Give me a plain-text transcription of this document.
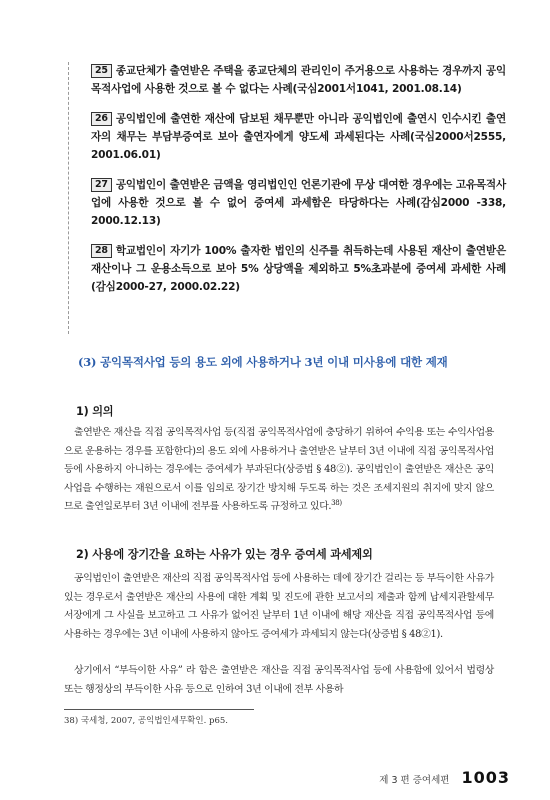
25 종교단체가 출연받은 주택을 종교단체의 관리인이 주거용으로 사용하는 경우까지 공익목적사업에 사용한 것으로 볼 수 없다는 사례(국심2001서1041, 2001.08.14)
26 공익법인에 출연한 재산에 담보된 채무뿐만 아니라 공익법인에 출연시 인수시킨 출연자의 채무는 부담부증여로 보아 출연자에게 양도세 과세된다는 사례(국심2000서2555, 2001.06.01)
27 공익법인이 출연받은 금액을 영리법인인 언론기관에 무상 대여한 경우에는 고유목적사업에 사용한 것으로 볼 수 없어 증여세 과세함은 타당하다는 사례(감심2000 -338, 2000.12.13)
28 학교법인이 자기가 100% 출자한 법인의 신주를 취득하는데 사용된 재산이 출연받은 재산이나 그 운용소득으로 보아 5% 상당액을 제외하고 5%초과분에 증여세 과세한 사례(감심2000-27, 2000.02.22)
(3) 공익목적사업 등의 용도 외에 사용하거나 3년 이내 미사용에 대한 제재
1) 의의
출연받은 재산을 직접 공익목적사업 등(직접 공익목적사업에 충당하기 위하여 수익용 또는 수익사업용으로 운용하는 경우를 포함한다)의 용도 외에 사용하거나 출연받은 날부터 3년 이내에 직접 공익목적사업 등에 사용하지 아니하는 경우에는 증여세가 부과된다(상증법 § 48②). 공익법인이 출연받은 재산은 공익사업을 수행하는 재원으로서 이를 임의로 장기간 방치해 두도록 하는 것은 조세지원의 취지에 맞지 않으므로 출연일로부터 3년 이내에 전부를 사용하도록 규정하고 있다.$^{38)}$
2) 사용에 장기간을 요하는 사유가 있는 경우 증여세 과세제외
공익법인이 출연받은 재산의 직접 공익목적사업 등에 사용하는 데에 장기간 걸리는 등 부득이한 사유가 있는 경우로서 출연받은 재산의 사용에 대한 계획 및 진도에 관한 보고서의 제출과 함께 납세지관할세무서장에게 그 사실을 보고하고 그 사유가 없어진 날부터 1년 이내에 해당 재산을 직접 공익목적사업 등에 사용하는 경우에는 3년 이내에 사용하지 않아도 증여세가 과세되지 않는다(상증법 § 48②1).
상기에서 “부득이한 사유” 라 함은 출연받은 재산을 직접 공익목적사업 등에 사용함에 있어서 법령상 또는 행정상의 부득이한 사유 등으로 인하여 3년 이내에 전부 사용하
38) 국세청, 2007, 공익법인세무확인. p65.
제 3 편 증여세편 1003
